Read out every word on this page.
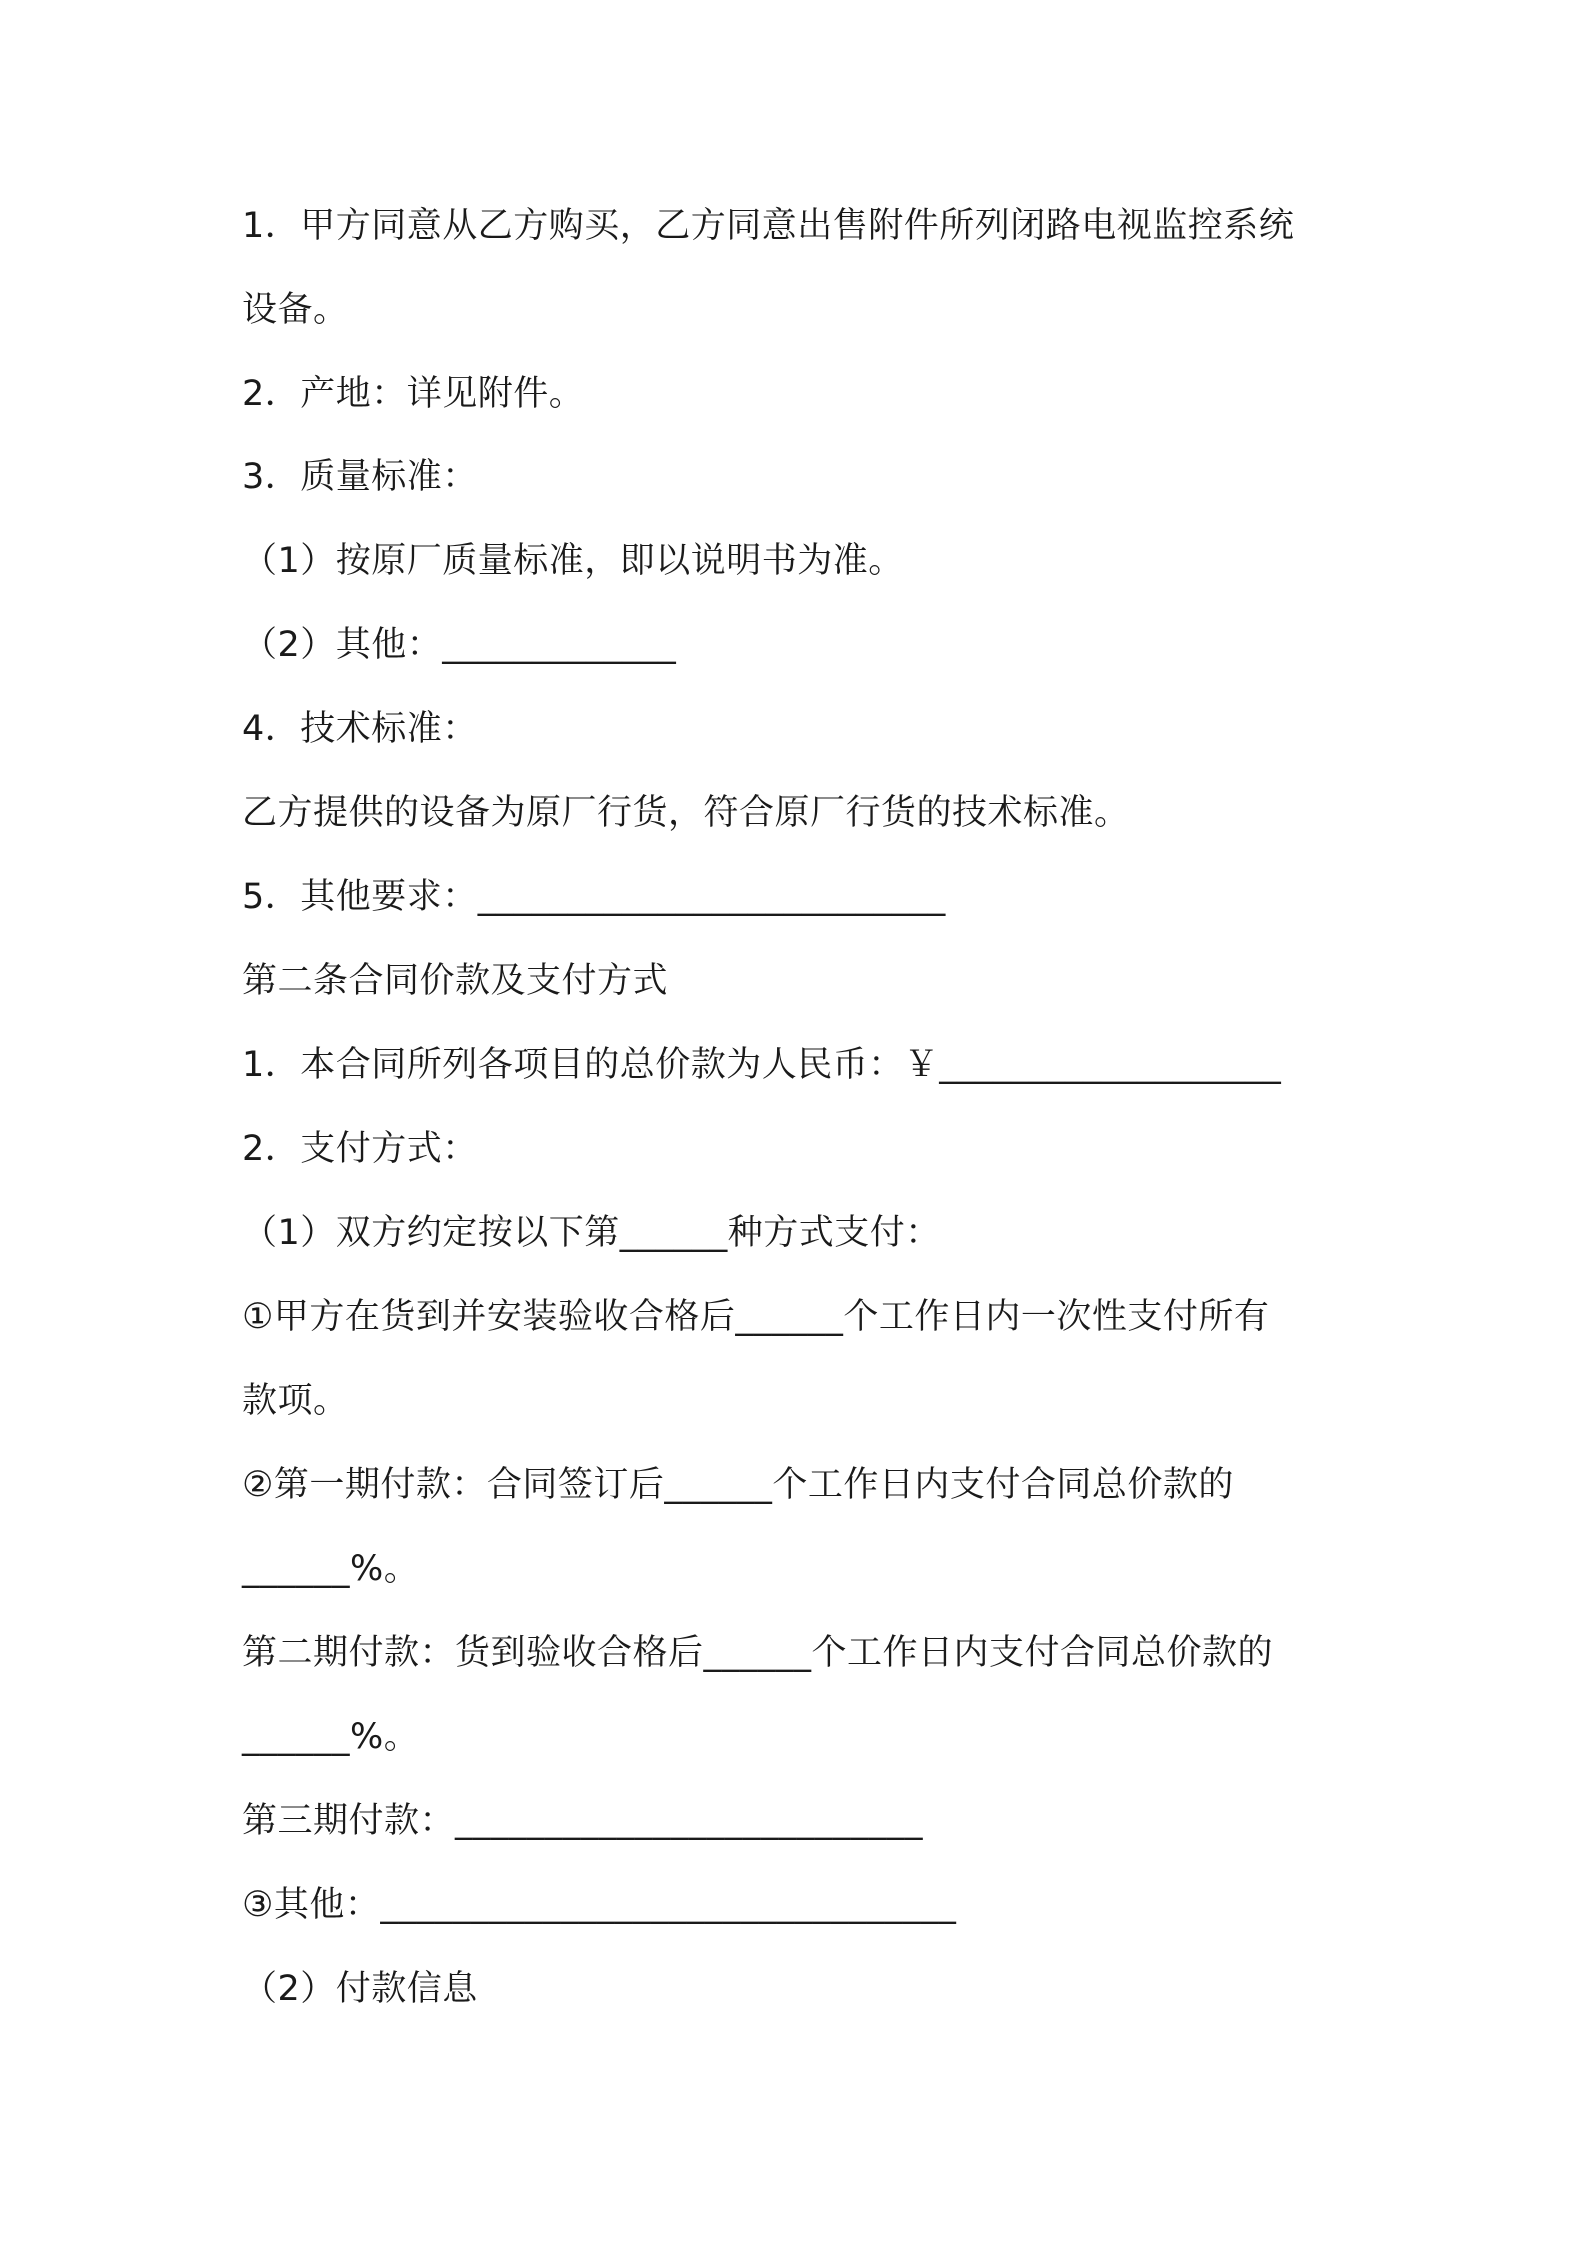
1．甲方同意从乙方购买，乙方同意出售附件所列闭路电视监控系统
设备。
2．产地：详见附件。
3．质量标准：
（1）按原厂质量标准，即以说明书为准。
（2）其他：_____________
4．技术标准：
乙方提供的设备为原厂行货，符合原厂行货的技术标准。
5．其他要求：__________________________
第二条合同价款及支付方式
1．本合同所列各项目的总价款为人民币：￥___________________
2．支付方式：
（1）双方约定按以下第______种方式支付：
①甲方在货到并安装验收合格后______个工作日内一次性支付所有
款项。
②第一期付款：合同签订后______个工作日内支付合同总价款的
______%。
第二期付款：货到验收合格后______个工作日内支付合同总价款的
______%。
第三期付款：__________________________
③其他：________________________________
（2）付款信息
